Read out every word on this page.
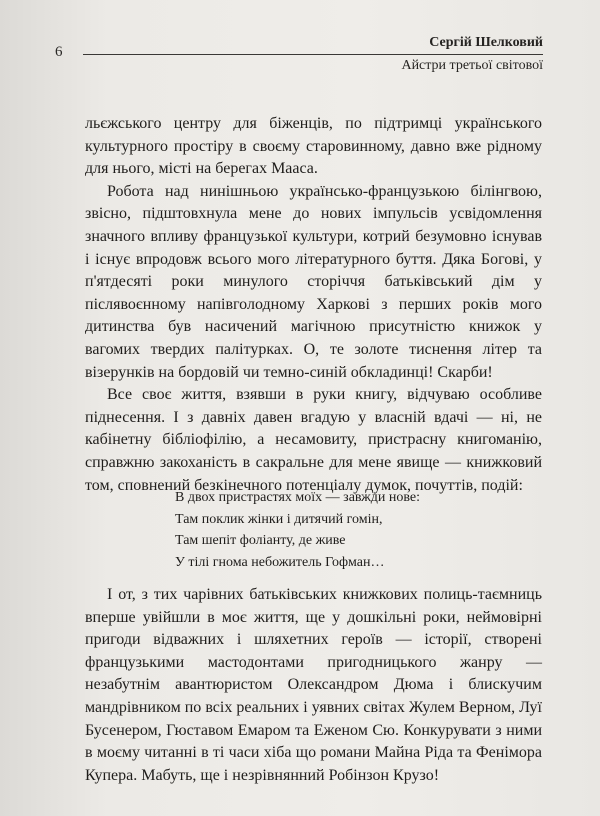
6
Сергій Шелковий
Айстри третьої світової

льєжського центру для біженців, по підтримці українського культурного простіру в своєму старовинному, давно вже рідному для нього, місті на берегах Мааса.

Робота над нинішньою українсько-французькою білінгвою, звісно, підштовхнула мене до нових імпульсів усвідомлення значного впливу французької культури, котрий безумовно існував і існує впродовж всього мого літературного буття. Дяка Богові, у п'ятдесяті роки минулого сторіччя батьківський дім у післявоєнному напівголодному Харкові з перших років мого дитинства був насичений магічною присутністю книжок у вагомих твердих палітурках. О, те золоте тиснення літер та візерунків на бордовій чи темно-синій обкладинці! Скарби!

Все своє життя, взявши в руки книгу, відчуваю особливе піднесення. І з давніх давен вгадую у власній вдачі — ні, не кабінетну бібліофілію, а несамовиту, пристрасну книгоманію, справжню закоханість в сакральне для мене явище — книжковий том, сповнений безкінечного потенціалу думок, почуттів, подій:

В двох пристрастях моїх — завжди нове:
Там поклик жінки і дитячий гомін,
Там шепіт фоліанту, де живе
У тілі гнома небожитель Гофман…

І от, з тих чарівних батьківських книжкових полиць-таємниць вперше увійшли в моє життя, ще у дошкільні роки, неймовірні пригоди відважних і шляхетних героїв — історії, створені французькими мастодонтами пригодницького жанру — незабутнім авантюристом Олександром Дюма і блискучим мандрівником по всіх реальних і уявних світах Жулем Верном, Луї Бусенером, Гюставом Емаром та Еженом Сю. Конкурувати з ними в моєму читанні в ті часи хіба що романи Майна Ріда та Фенімора Купера. Мабуть, ще і незрівнянний Робінзон Крузо!
